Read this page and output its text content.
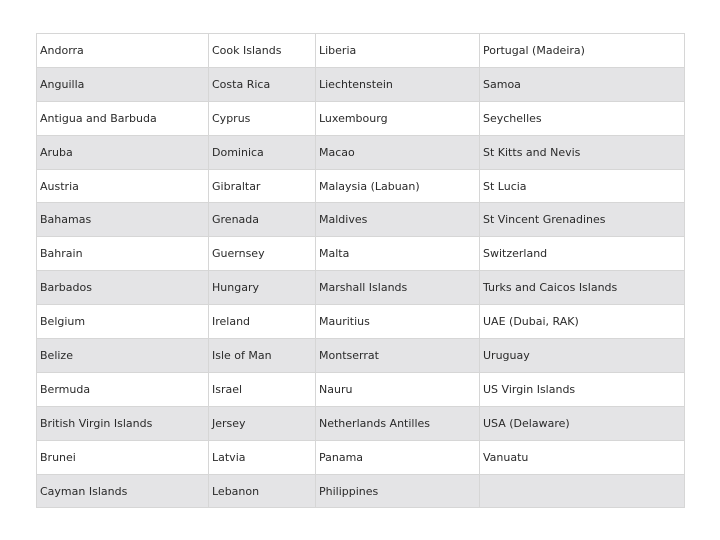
Andorra	Cook Islands	Liberia	Portugal (Madeira)
Anguilla	Costa Rica	Liechtenstein	Samoa
Antigua and Barbuda	Cyprus	Luxembourg	Seychelles
Aruba	Dominica	Macao	St Kitts and Nevis
Austria	Gibraltar	Malaysia (Labuan)	St Lucia
Bahamas	Grenada	Maldives	St Vincent Grenadines
Bahrain	Guernsey	Malta	Switzerland
Barbados	Hungary	Marshall Islands	Turks and Caicos Islands
Belgium	Ireland	Mauritius	UAE (Dubai, RAK)
Belize	Isle of Man	Montserrat	Uruguay
Bermuda	Israel	Nauru	US Virgin Islands
British Virgin Islands	Jersey	Netherlands Antilles	USA (Delaware)
Brunei	Latvia	Panama	Vanuatu
Cayman Islands	Lebanon	Philippines	
